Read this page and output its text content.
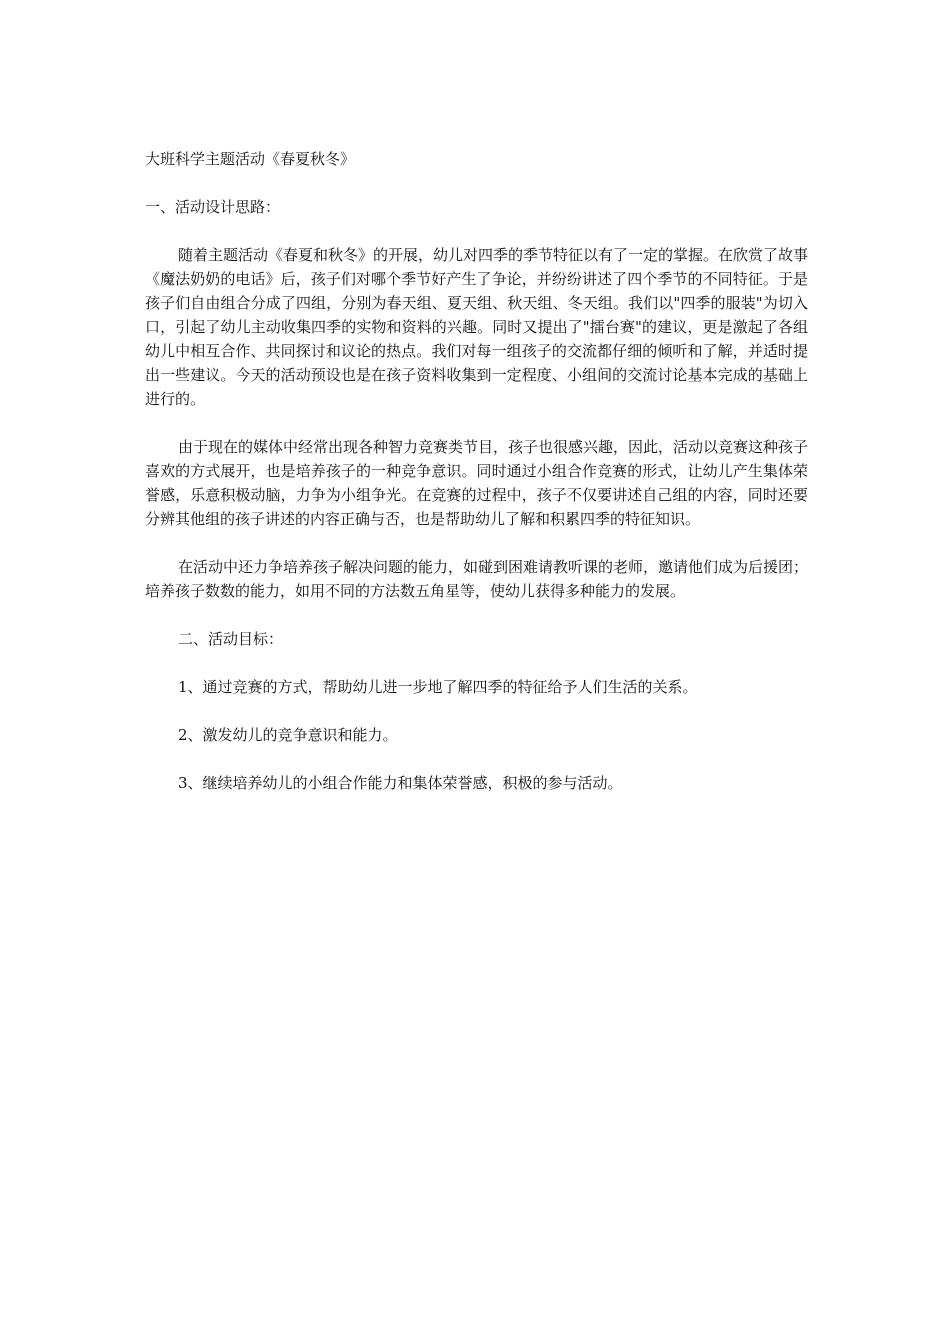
大班科学主题活动《春夏秋冬》

一、活动设计思路：

随着主题活动《春夏和秋冬》的开展，幼儿对四季的季节特征以有了一定的掌握。在欣赏了故事《魔法奶奶的电话》后，孩子们对哪个季节好产生了争论，并纷纷讲述了四个季节的不同特征。于是孩子们自由组合分成了四组，分别为春天组、夏天组、秋天组、冬天组。我们以"四季的服装"为切入口，引起了幼儿主动收集四季的实物和资料的兴趣。同时又提出了"擂台赛"的建议，更是激起了各组幼儿中相互合作、共同探讨和议论的热点。我们对每一组孩子的交流都仔细的倾听和了解，并适时提出一些建议。今天的活动预设也是在孩子资料收集到一定程度、小组间的交流讨论基本完成的基础上进行的。

由于现在的媒体中经常出现各种智力竞赛类节目，孩子也很感兴趣，因此，活动以竞赛这种孩子喜欢的方式展开，也是培养孩子的一种竞争意识。同时通过小组合作竞赛的形式，让幼儿产生集体荣誉感，乐意积极动脑，力争为小组争光。在竞赛的过程中，孩子不仅要讲述自己组的内容，同时还要分辨其他组的孩子讲述的内容正确与否，也是帮助幼儿了解和积累四季的特征知识。

在活动中还力争培养孩子解决问题的能力，如碰到困难请教听课的老师，邀请他们成为后援团；培养孩子数数的能力，如用不同的方法数五角星等，使幼儿获得多种能力的发展。

二、活动目标：

1、通过竞赛的方式，帮助幼儿进一步地了解四季的特征给予人们生活的关系。

2、激发幼儿的竞争意识和能力。

3、继续培养幼儿的小组合作能力和集体荣誉感，积极的参与活动。
